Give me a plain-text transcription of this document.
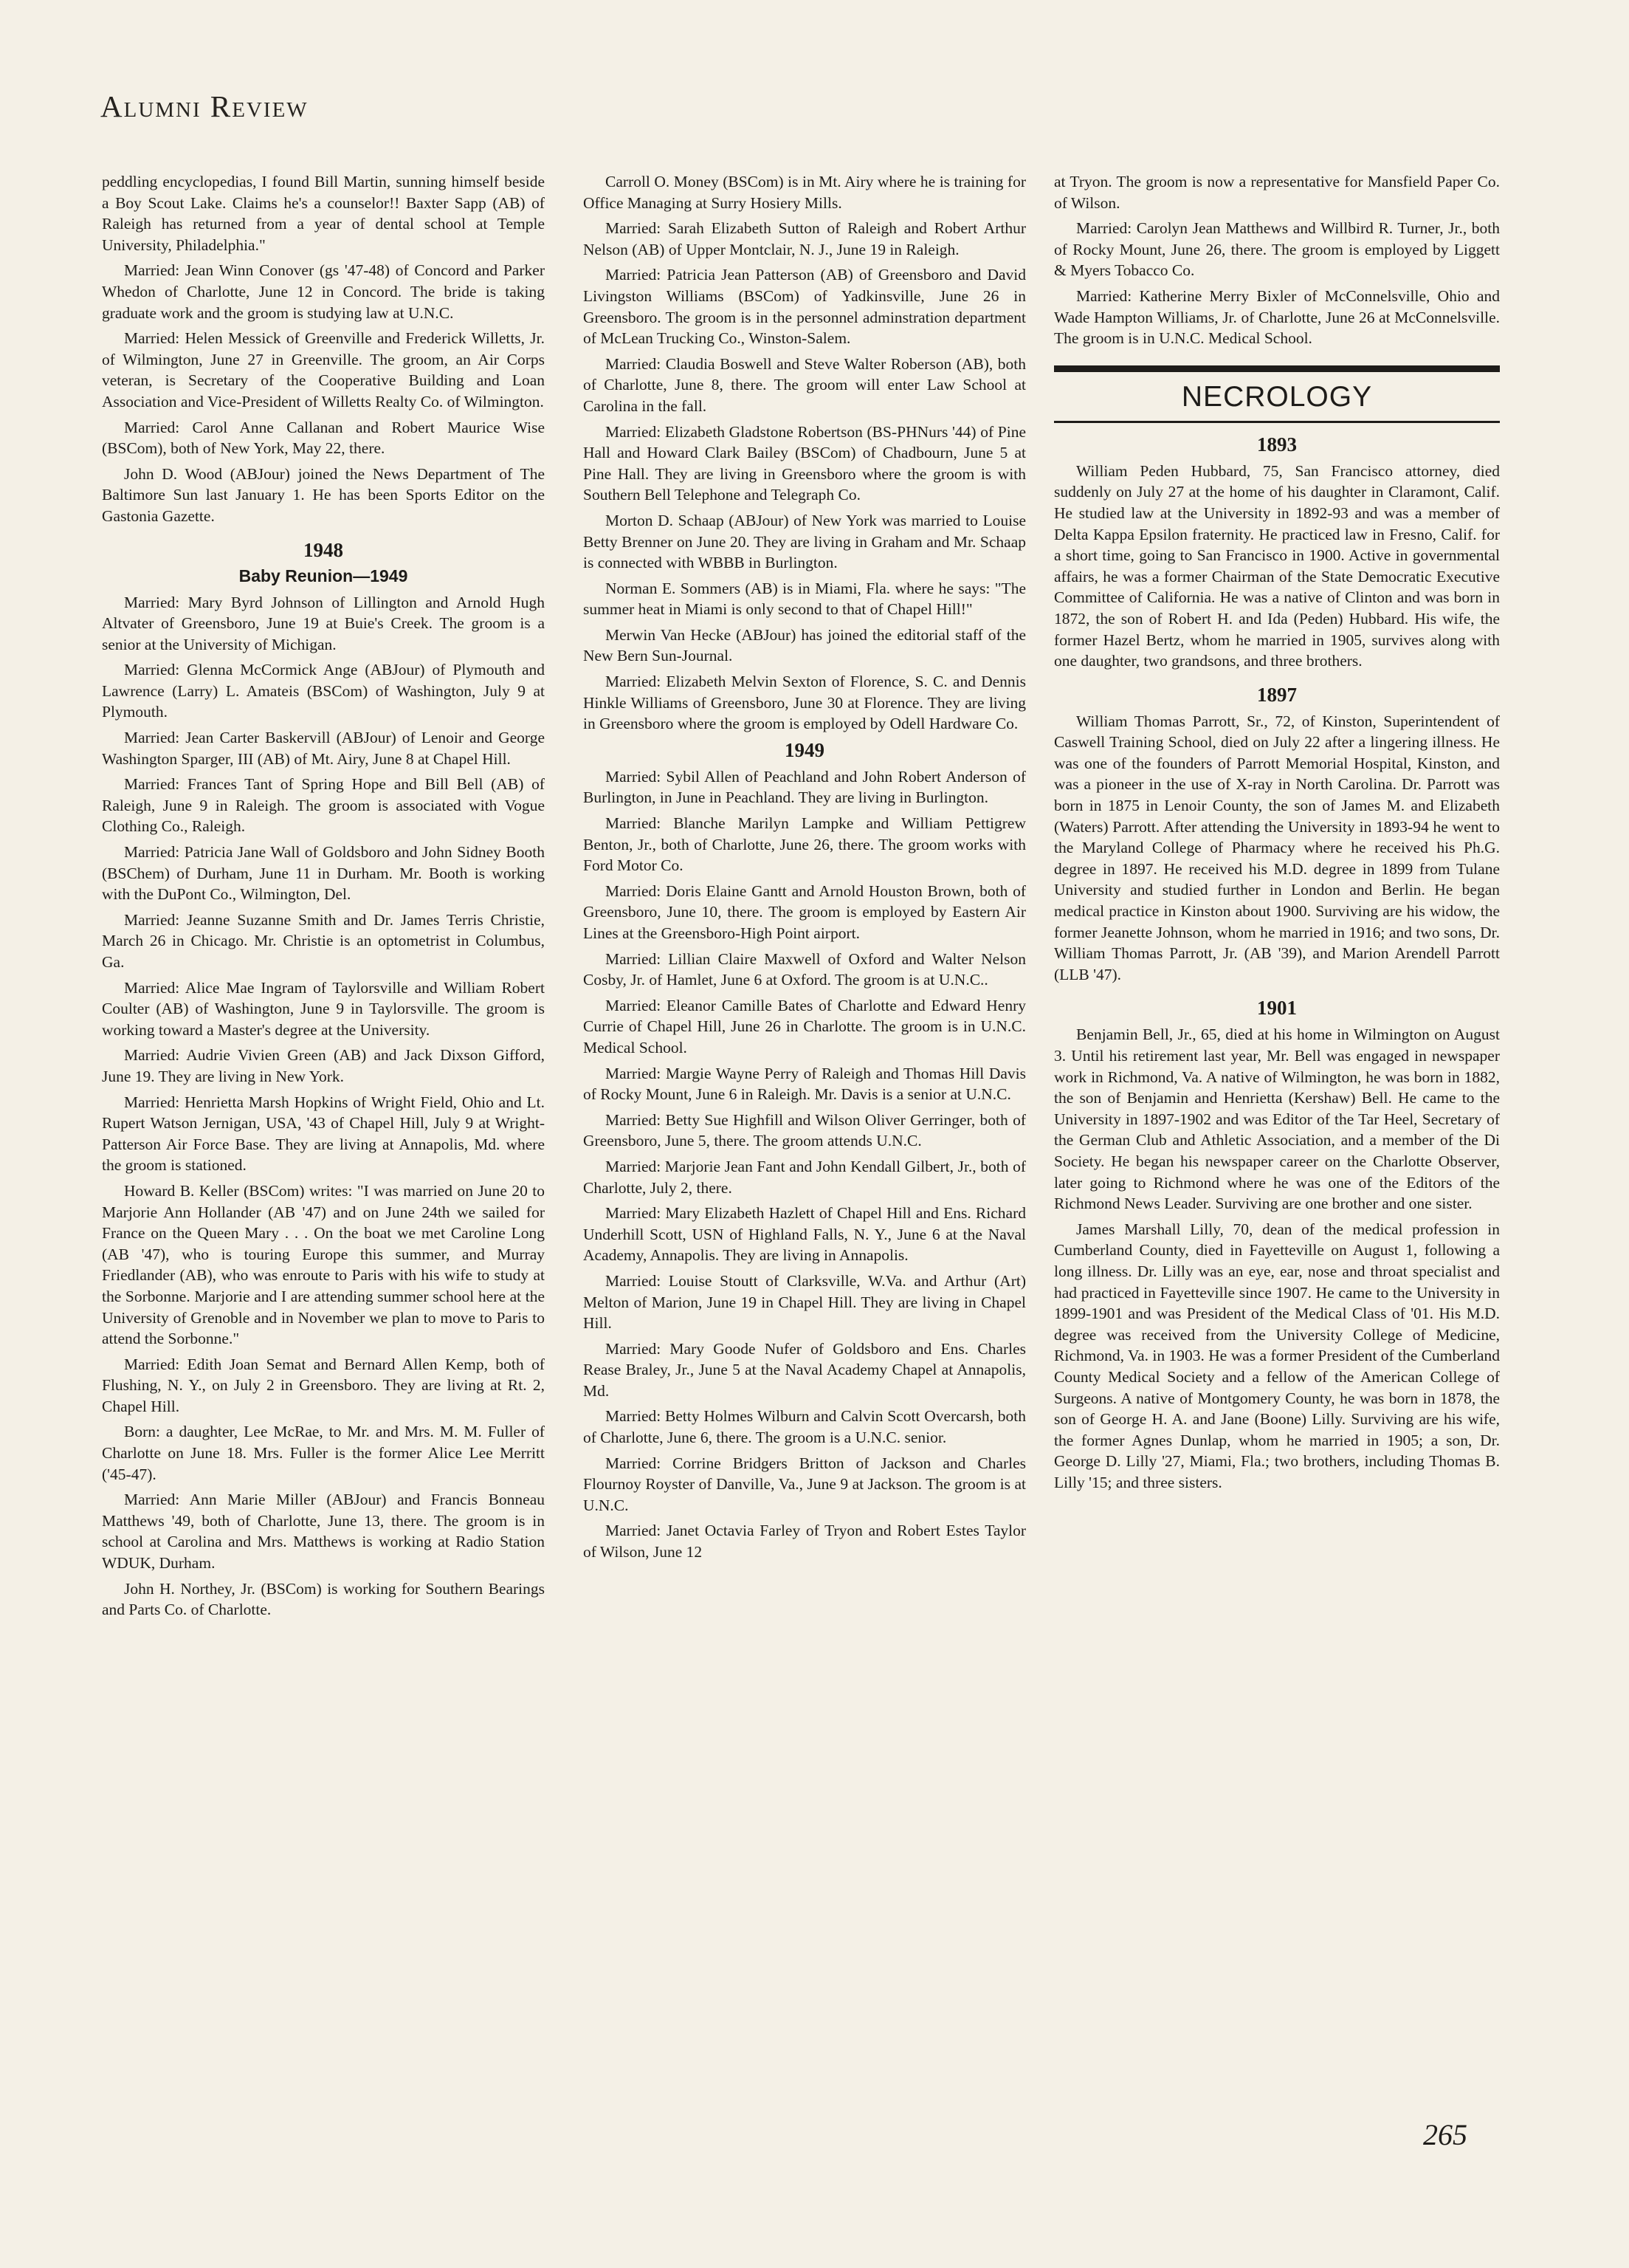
Alumni Review

peddling encyclopedias, I found Bill Martin, sunning himself beside a Boy Scout Lake. Claims he's a counselor!! Baxter Sapp (AB) of Raleigh has returned from a year of dental school at Temple University, Philadelphia."

Married: Jean Winn Conover (gs '47-48) of Concord and Parker Whedon of Charlotte, June 12 in Concord. The bride is taking graduate work and the groom is studying law at U.N.C.

Married: Helen Messick of Greenville and Frederick Willetts, Jr. of Wilmington, June 27 in Greenville. The groom, an Air Corps veteran, is Secretary of the Cooperative Building and Loan Association and Vice-President of Willetts Realty Co. of Wilmington.

Married: Carol Anne Callanan and Robert Maurice Wise (BSCom), both of New York, May 22, there.

John D. Wood (ABJour) joined the News Department of The Baltimore Sun last January 1. He has been Sports Editor on the Gastonia Gazette.

1948
Baby Reunion—1949

Married: Mary Byrd Johnson of Lillington and Arnold Hugh Altvater of Greensboro, June 19 at Buie's Creek. The groom is a senior at the University of Michigan.

Married: Glenna McCormick Ange (ABJour) of Plymouth and Lawrence (Larry) L. Amateis (BSCom) of Washington, July 9 at Plymouth.

Married: Jean Carter Baskervill (ABJour) of Lenoir and George Washington Sparger, III (AB) of Mt. Airy, June 8 at Chapel Hill.

Married: Frances Tant of Spring Hope and Bill Bell (AB) of Raleigh, June 9 in Raleigh. The groom is associated with Vogue Clothing Co., Raleigh.

Married: Patricia Jane Wall of Goldsboro and John Sidney Booth (BSChem) of Durham, June 11 in Durham. Mr. Booth is working with the DuPont Co., Wilmington, Del.

Married: Jeanne Suzanne Smith and Dr. James Terris Christie, March 26 in Chicago. Mr. Christie is an optometrist in Columbus, Ga.

Married: Alice Mae Ingram of Taylorsville and William Robert Coulter (AB) of Washington, June 9 in Taylorsville. The groom is working toward a Master's degree at the University.

Married: Audrie Vivien Green (AB) and Jack Dixson Gifford, June 19. They are living in New York.

Married: Henrietta Marsh Hopkins of Wright Field, Ohio and Lt. Rupert Watson Jernigan, USA, '43 of Chapel Hill, July 9 at Wright-Patterson Air Force Base. They are living at Annapolis, Md. where the groom is stationed.

Howard B. Keller (BSCom) writes: "I was married on June 20 to Marjorie Ann Hollander (AB '47) and on June 24th we sailed for France on the Queen Mary . . . On the boat we met Caroline Long (AB '47), who is touring Europe this summer, and Murray Friedlander (AB), who was enroute to Paris with his wife to study at the Sorbonne. Marjorie and I are attending summer school here at the University of Grenoble and in November we plan to move to Paris to attend the Sorbonne."

Married: Edith Joan Semat and Bernard Allen Kemp, both of Flushing, N. Y., on July 2 in Greensboro. They are living at Rt. 2, Chapel Hill.

Born: a daughter, Lee McRae, to Mr. and Mrs. M. M. Fuller of Charlotte on June 18. Mrs. Fuller is the former Alice Lee Merritt ('45-47).

Married: Ann Marie Miller (ABJour) and Francis Bonneau Matthews '49, both of Charlotte, June 13, there. The groom is in school at Carolina and Mrs. Matthews is working at Radio Station WDUK, Durham.

John H. Northey, Jr. (BSCom) is working for Southern Bearings and Parts Co. of Charlotte.

Carroll O. Money (BSCom) is in Mt. Airy where he is training for Office Managing at Surry Hosiery Mills.

Married: Sarah Elizabeth Sutton of Raleigh and Robert Arthur Nelson (AB) of Upper Montclair, N. J., June 19 in Raleigh.

Married: Patricia Jean Patterson (AB) of Greensboro and David Livingston Williams (BSCom) of Yadkinsville, June 26 in Greensboro. The groom is in the personnel adminstration department of McLean Trucking Co., Winston-Salem.

Married: Claudia Boswell and Steve Walter Roberson (AB), both of Charlotte, June 8, there. The groom will enter Law School at Carolina in the fall.

Married: Elizabeth Gladstone Robertson (BS-PHNurs '44) of Pine Hall and Howard Clark Bailey (BSCom) of Chadbourn, June 5 at Pine Hall. They are living in Greensboro where the groom is with Southern Bell Telephone and Telegraph Co.

Morton D. Schaap (ABJour) of New York was married to Louise Betty Brenner on June 20. They are living in Graham and Mr. Schaap is connected with WBBB in Burlington.

Norman E. Sommers (AB) is in Miami, Fla. where he says: "The summer heat in Miami is only second to that of Chapel Hill!"

Merwin Van Hecke (ABJour) has joined the editorial staff of the New Bern Sun-Journal.

Married: Elizabeth Melvin Sexton of Florence, S. C. and Dennis Hinkle Williams of Greensboro, June 30 at Florence. They are living in Greensboro where the groom is employed by Odell Hardware Co.

1949

Married: Sybil Allen of Peachland and John Robert Anderson of Burlington, in June in Peachland. They are living in Burlington.

Married: Blanche Marilyn Lampke and William Pettigrew Benton, Jr., both of Charlotte, June 26, there. The groom works with Ford Motor Co.

Married: Doris Elaine Gantt and Arnold Houston Brown, both of Greensboro, June 10, there. The groom is employed by Eastern Air Lines at the Greensboro-High Point airport.

Married: Lillian Claire Maxwell of Oxford and Walter Nelson Cosby, Jr. of Hamlet, June 6 at Oxford. The groom is at U.N.C..

Married: Eleanor Camille Bates of Charlotte and Edward Henry Currie of Chapel Hill, June 26 in Charlotte. The groom is in U.N.C. Medical School.

Married: Margie Wayne Perry of Raleigh and Thomas Hill Davis of Rocky Mount, June 6 in Raleigh. Mr. Davis is a senior at U.N.C.

Married: Betty Sue Highfill and Wilson Oliver Gerringer, both of Greensboro, June 5, there. The groom attends U.N.C.

Married: Marjorie Jean Fant and John Kendall Gilbert, Jr., both of Charlotte, July 2, there.

Married: Mary Elizabeth Hazlett of Chapel Hill and Ens. Richard Underhill Scott, USN of Highland Falls, N. Y., June 6 at the Naval Academy, Annapolis. They are living in Annapolis.

Married: Louise Stoutt of Clarksville, W.Va. and Arthur (Art) Melton of Marion, June 19 in Chapel Hill. They are living in Chapel Hill.

Married: Mary Goode Nufer of Goldsboro and Ens. Charles Rease Braley, Jr., June 5 at the Naval Academy Chapel at Annapolis, Md.

Married: Betty Holmes Wilburn and Calvin Scott Overcarsh, both of Charlotte, June 6, there. The groom is a U.N.C. senior.

Married: Corrine Bridgers Britton of Jackson and Charles Flournoy Royster of Danville, Va., June 9 at Jackson. The groom is at U.N.C.

Married: Janet Octavia Farley of Tryon and Robert Estes Taylor of Wilson, June 12

at Tryon. The groom is now a representative for Mansfield Paper Co. of Wilson.

Married: Carolyn Jean Matthews and Willbird R. Turner, Jr., both of Rocky Mount, June 26, there. The groom is employed by Liggett & Myers Tobacco Co.

Married: Katherine Merry Bixler of McConnelsville, Ohio and Wade Hampton Williams, Jr. of Charlotte, June 26 at McConnelsville. The groom is in U.N.C. Medical School.

NECROLOGY
1893

William Peden Hubbard, 75, San Francisco attorney, died suddenly on July 27 at the home of his daughter in Claramont, Calif. He studied law at the University in 1892-93 and was a member of Delta Kappa Epsilon fraternity. He practiced law in Fresno, Calif. for a short time, going to San Francisco in 1900. Active in governmental affairs, he was a former Chairman of the State Democratic Executive Committee of California. He was a native of Clinton and was born in 1872, the son of Robert H. and Ida (Peden) Hubbard. His wife, the former Hazel Bertz, whom he married in 1905, survives along with one daughter, two grandsons, and three brothers.

1897

William Thomas Parrott, Sr., 72, of Kinston, Superintendent of Caswell Training School, died on July 22 after a lingering illness. He was one of the founders of Parrott Memorial Hospital, Kinston, and was a pioneer in the use of X-ray in North Carolina. Dr. Parrott was born in 1875 in Lenoir County, the son of James M. and Elizabeth (Waters) Parrott. After attending the University in 1893-94 he went to the Maryland College of Pharmacy where he received his Ph.G. degree in 1897. He received his M.D. degree in 1899 from Tulane University and studied further in London and Berlin. He began medical practice in Kinston about 1900. Surviving are his widow, the former Jeanette Johnson, whom he married in 1916; and two sons, Dr. William Thomas Parrott, Jr. (AB '39), and Marion Arendell Parrott (LLB '47).

1901

Benjamin Bell, Jr., 65, died at his home in Wilmington on August 3. Until his retirement last year, Mr. Bell was engaged in newspaper work in Richmond, Va. A native of Wilmington, he was born in 1882, the son of Benjamin and Henrietta (Kershaw) Bell. He came to the University in 1897-1902 and was Editor of the Tar Heel, Secretary of the German Club and Athletic Association, and a member of the Di Society. He began his newspaper career on the Charlotte Observer, later going to Richmond where he was one of the Editors of the Richmond News Leader. Surviving are one brother and one sister.

James Marshall Lilly, 70, dean of the medical profession in Cumberland County, died in Fayetteville on August 1, following a long illness. Dr. Lilly was an eye, ear, nose and throat specialist and had practiced in Fayetteville since 1907. He came to the University in 1899-1901 and was President of the Medical Class of '01. His M.D. degree was received from the University College of Medicine, Richmond, Va. in 1903. He was a former President of the Cumberland County Medical Society and a fellow of the American College of Surgeons. A native of Montgomery County, he was born in 1878, the son of George H. A. and Jane (Boone) Lilly. Surviving are his wife, the former Agnes Dunlap, whom he married in 1905; a son, Dr. George D. Lilly '27, Miami, Fla.; two brothers, including Thomas B. Lilly '15; and three sisters.

265
